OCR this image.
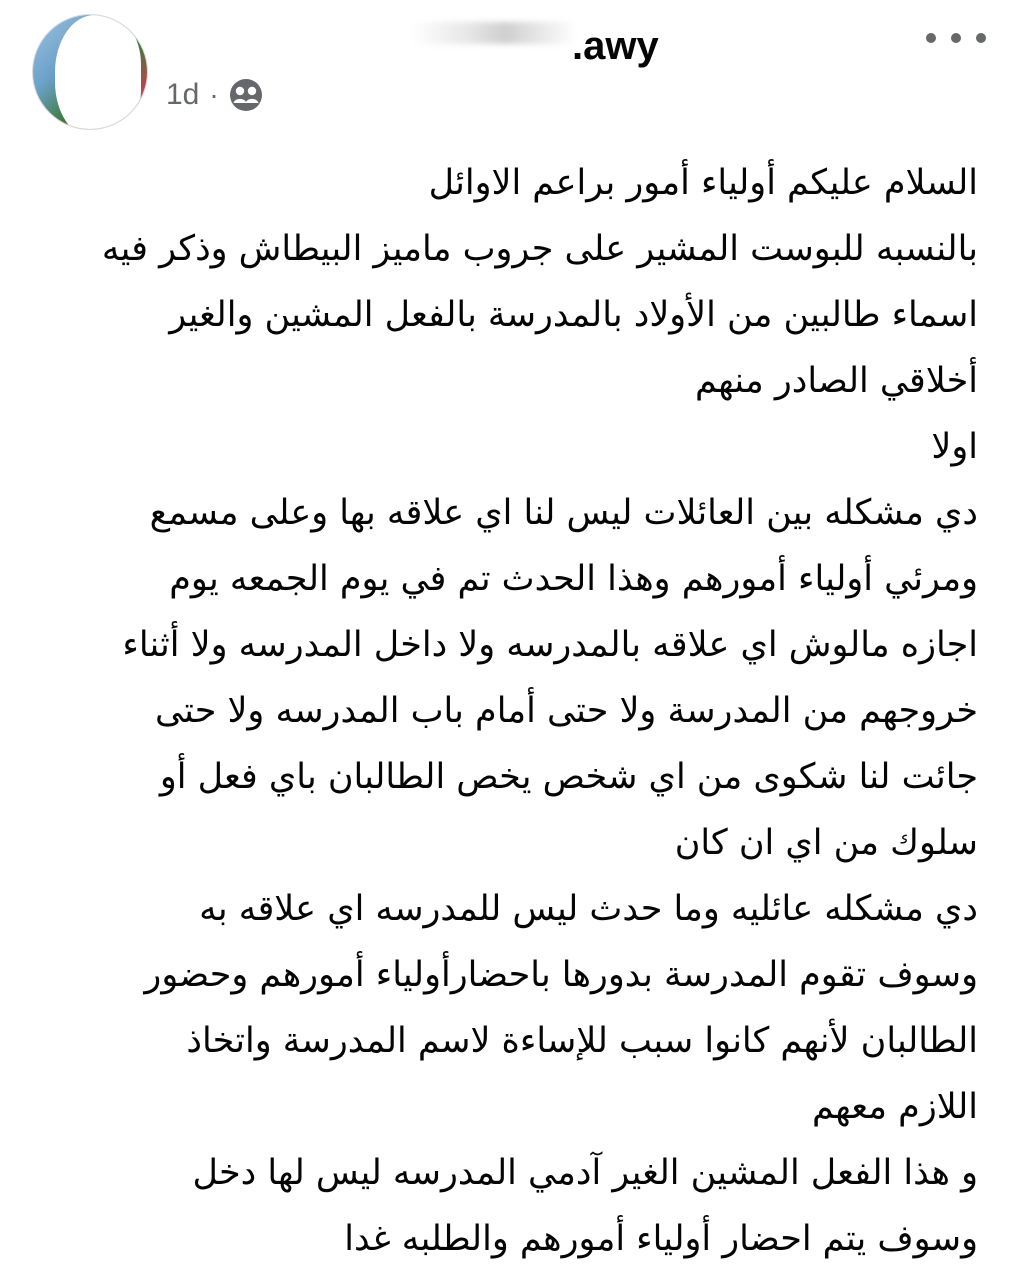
.awy
1d ·
السلام عليكم أولياء أمور براعم الاوائل
بالنسبه للبوست المشير على جروب ماميز البيطاش وذكر فيه
اسماء طالبين من الأولاد بالمدرسة بالفعل المشين والغير
أخلاقي الصادر منهم
اولا
دي مشكله بين العائلات ليس لنا اي علاقه بها وعلى مسمع
ومرئي أولياء أمورهم وهذا الحدث تم في يوم الجمعه يوم
اجازه مالوش اي علاقه بالمدرسه ولا داخل المدرسه ولا أثناء
خروجهم من المدرسة ولا حتى أمام باب المدرسه ولا حتى
جائت لنا شكوى من اي شخص يخص الطالبان باي فعل أو
سلوك من اي ان كان
دي مشكله عائليه وما حدث ليس للمدرسه اي علاقه به
وسوف تقوم المدرسة بدورها باحضارأولياء أمورهم وحضور
الطالبان لأنهم كانوا سبب للإساءة لاسم المدرسة واتخاذ
اللازم معهم
و هذا الفعل المشين الغير آدمي المدرسه ليس لها دخل
وسوف يتم احضار أولياء أمورهم والطلبه غدا
